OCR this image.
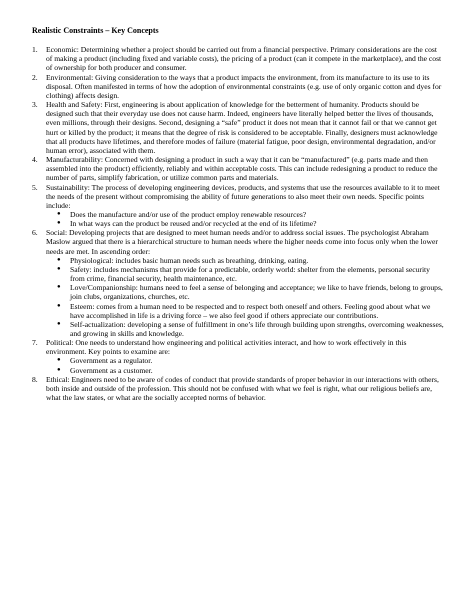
Realistic Constraints – Key Concepts
1. Economic: Determining whether a project should be carried out from a financial perspective. Primary considerations are the cost of making a product (including fixed and variable costs), the pricing of a product (can it compete in the marketplace), and the cost of ownership for both producer and consumer.
2. Environmental: Giving consideration to the ways that a product impacts the environment, from its manufacture to its use to its disposal. Often manifested in terms of how the adoption of environmental constraints (e.g. use of only organic cotton and dyes for clothing) affects design.
3. Health and Safety: First, engineering is about application of knowledge for the betterment of humanity. Products should be designed such that their everyday use does not cause harm. Indeed, engineers have literally helped better the lives of thousands, even millions, through their designs. Second, designing a “safe” product it does not mean that it cannot fail or that we cannot get hurt or killed by the product; it means that the degree of risk is considered to be acceptable. Finally, designers must acknowledge that all products have lifetimes, and therefore modes of failure (material fatigue, poor design, environmental degradation, and/or human error), associated with them.
4. Manufacturability: Concerned with designing a product in such a way that it can be “manufactured” (e.g. parts made and then assembled into the product) efficiently, reliably and within acceptable costs. This can include redesigning a product to reduce the number of parts, simplify fabrication, or utilize common parts and materials.
5. Sustainability: The process of developing engineering devices, products, and systems that use the resources available to it to meet the needs of the present without compromising the ability of future generations to also meet their own needs. Specific points include:
● Does the manufacture and/or use of the product employ renewable resources?
● In what ways can the product be reused and/or recycled at the end of its lifetime?
6. Social: Developing projects that are designed to meet human needs and/or to address social issues. The psychologist Abraham Maslow argued that there is a hierarchical structure to human needs where the higher needs come into focus only when the lower needs are met. In ascending order:
● Physiological: includes basic human needs such as breathing, drinking, eating.
● Safety: includes mechanisms that provide for a predictable, orderly world: shelter from the elements, personal security from crime, financial security, health maintenance, etc.
● Love/Companionship: humans need to feel a sense of belonging and acceptance; we like to have friends, belong to groups, join clubs, organizations, churches, etc.
● Esteem: comes from a human need to be respected and to respect both oneself and others. Feeling good about what we have accomplished in life is a driving force – we also feel good if others appreciate our contributions.
● Self-actualization: developing a sense of fulfillment in one’s life through building upon strengths, overcoming weaknesses, and growing in skills and knowledge.
7. Political: One needs to understand how engineering and political activities interact, and how to work effectively in this environment. Key points to examine are:
● Government as a regulator.
● Government as a customer.
8. Ethical: Engineers need to be aware of codes of conduct that provide standards of proper behavior in our interactions with others, both inside and outside of the profession. This should not be confused with what we feel is right, what our religious beliefs are, what the law states, or what are the socially accepted norms of behavior.
